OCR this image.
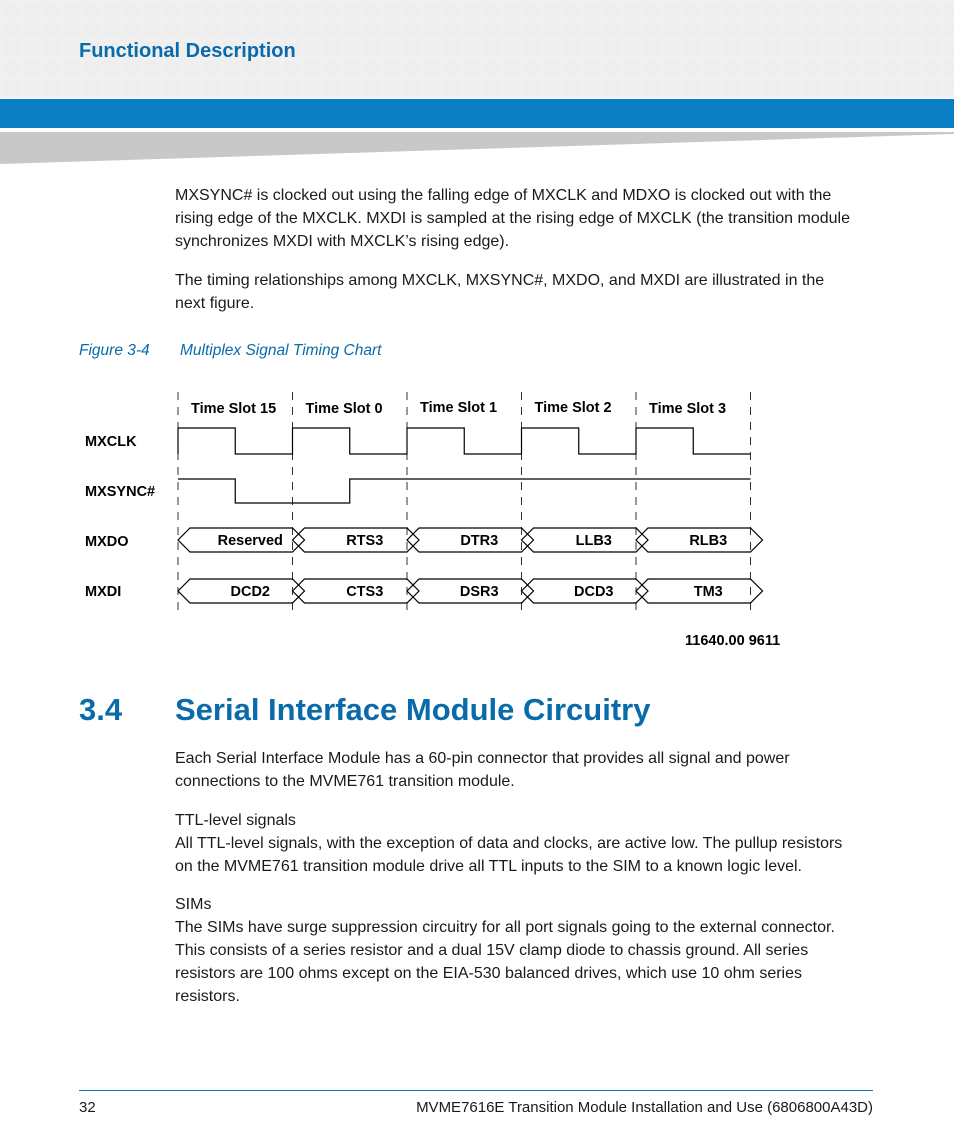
Functional Description
MXSYNC# is clocked out using the falling edge of MXCLK and MDXO is clocked out with the
rising edge of the MXCLK. MXDI is sampled at the rising edge of MXCLK (the transition module
synchronizes MXDI with MXCLK’s rising edge).
The timing relationships among MXCLK, MXSYNC#, MXDO, and MXDI are illustrated in the
next figure.
Figure 3-4 Multiplex Signal Timing Chart
Time Slot 15 Time Slot 0	Time Slot 1	Time Slot 2	Time Slot 3
MXCLK
MXSYNC#
MXDO
MXDI
Reserved	RTS3	DTR3	LLB3	RLB3
DCD2	CTS3	DSR3	DCD3	TM3
11640.00 9611
3.4 Serial Interface Module Circuitry
Each Serial Interface Module has a 60-pin connector that provides all signal and power
connections to the MVME761 transition module.
TTL-level signals
All TTL-level signals, with the exception of data and clocks, are active low. The pullup resistors
on the MVME761 transition module drive all TTL inputs to the SIM to a known logic level.
SIMs
The SIMs have surge suppression circuitry for all port signals going to the external connector.
This consists of a series resistor and a dual 15V clamp diode to chassis ground. All series
resistors are 100 ohms except on the EIA-530 balanced drives, which use 10 ohm series
resistors.
32	MVME7616E Transition Module Installation and Use (6806800A43D)
